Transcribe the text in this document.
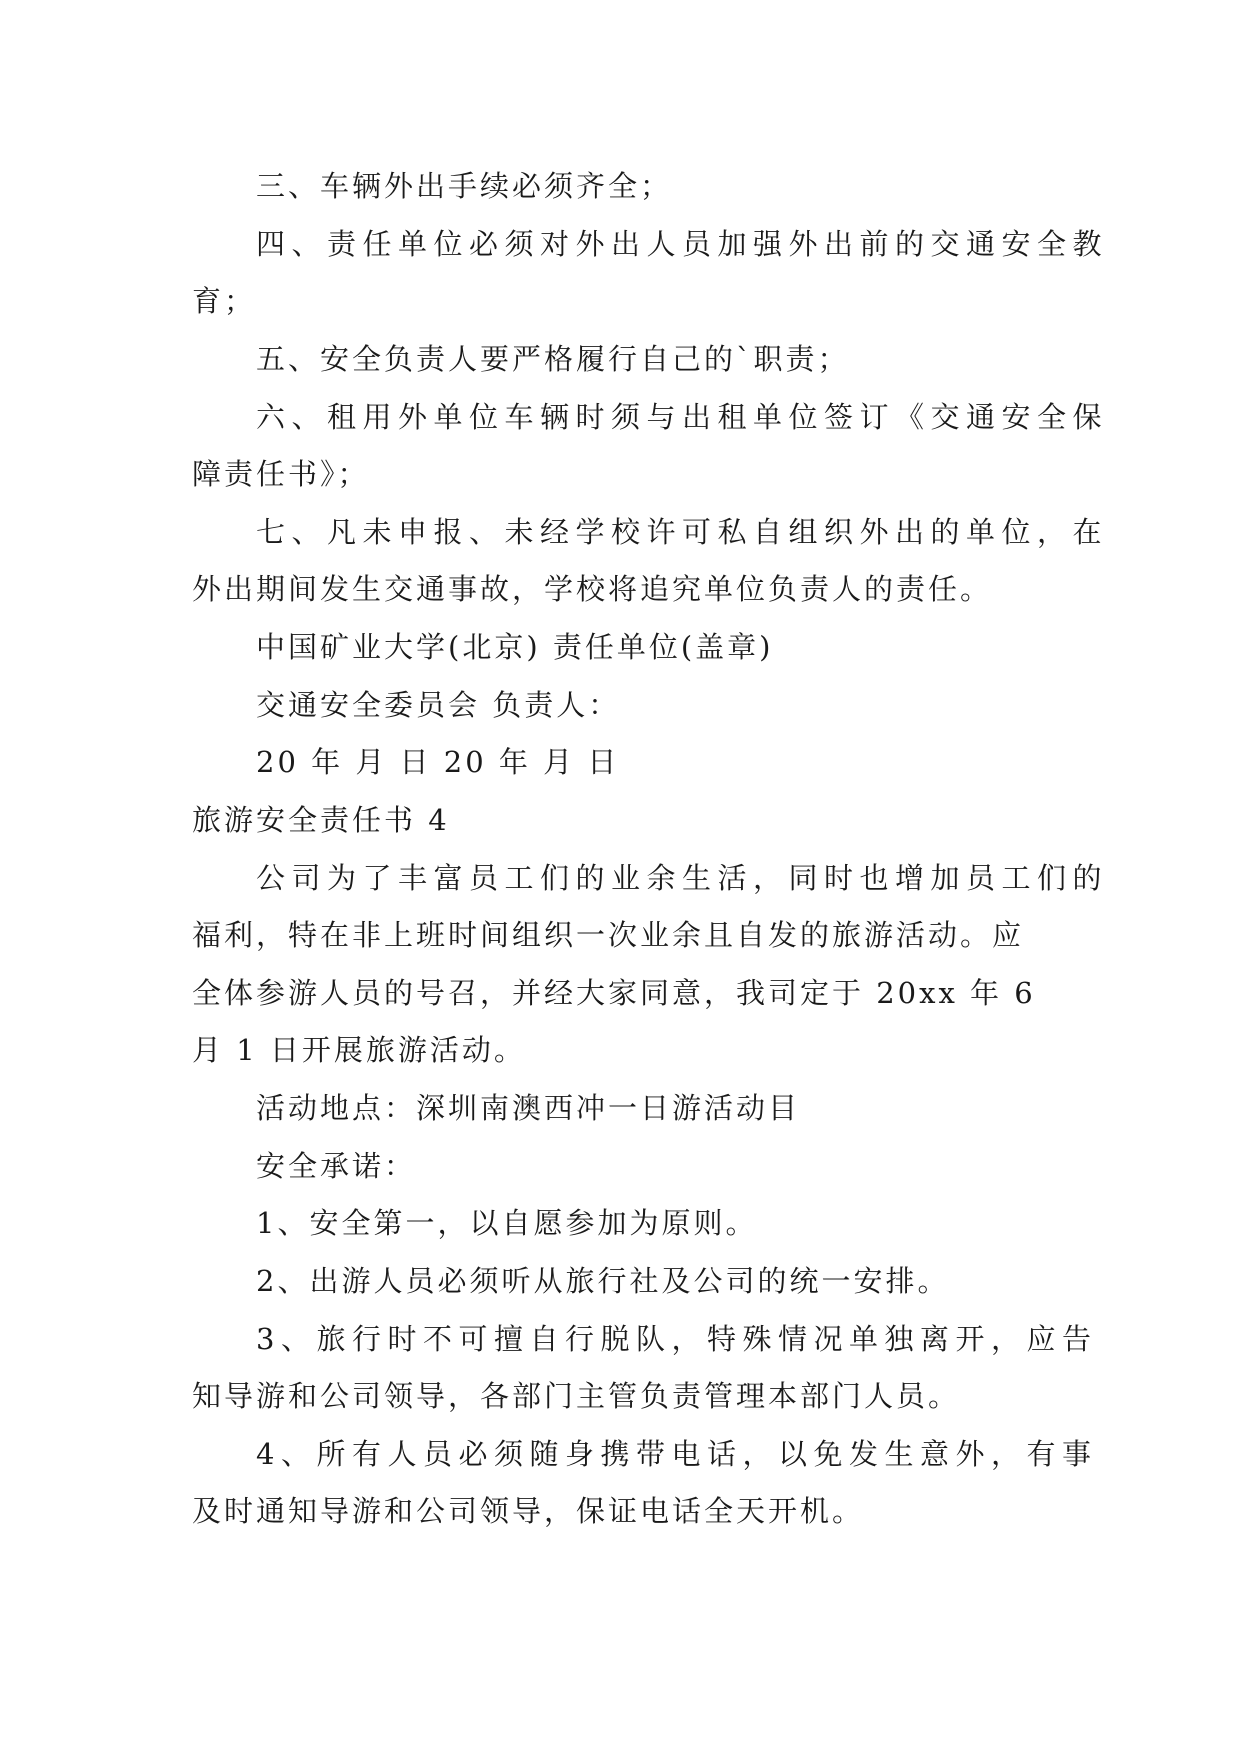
三、车辆外出手续必须齐全；
四、责任单位必须对外出人员加强外出前的交通安全教
育；
五、安全负责人要严格履行自己的`职责；
六、租用外单位车辆时须与出租单位签订《交通安全保
障责任书》；
七、凡未申报、未经学校许可私自组织外出的单位，在
外出期间发生交通事故，学校将追究单位负责人的责任。
中国矿业大学(北京) 责任单位(盖章)
交通安全委员会 负责人：
20 年 月 日 20 年 月 日
旅游安全责任书 4
公司为了丰富员工们的业余生活，同时也增加员工们的
福利，特在非上班时间组织一次业余且自发的旅游活动。应
全体参游人员的号召，并经大家同意，我司定于 20xx 年 6
月 1 日开展旅游活动。
活动地点：深圳南澳西冲一日游活动目
安全承诺：
1、安全第一，以自愿参加为原则。
2、出游人员必须听从旅行社及公司的统一安排。
3、旅行时不可擅自行脱队，特殊情况单独离开，应告
知导游和公司领导，各部门主管负责管理本部门人员。
4、所有人员必须随身携带电话，以免发生意外，有事
及时通知导游和公司领导，保证电话全天开机。
